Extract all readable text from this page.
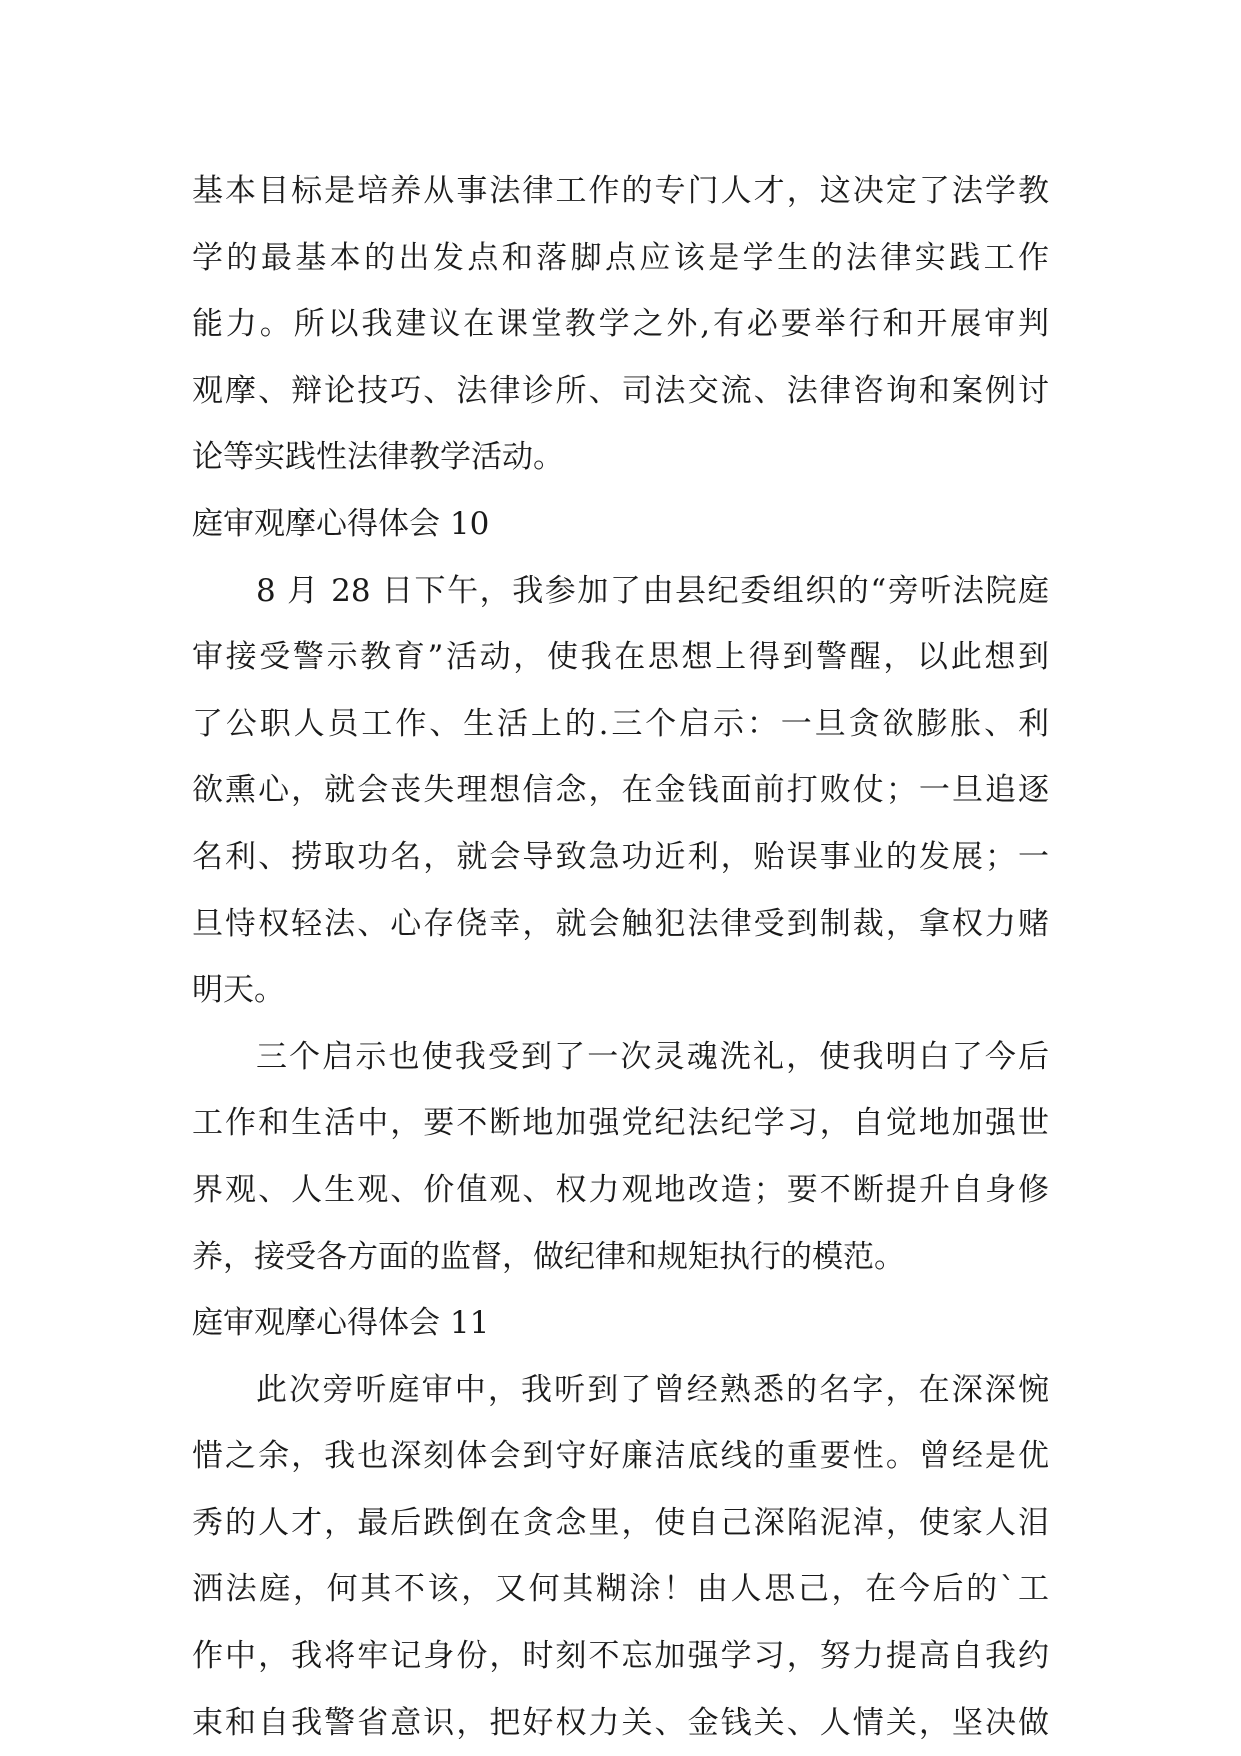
基本目标是培养从事法律工作的专门人才，这决定了法学教
学的最基本的出发点和落脚点应该是学生的法律实践工作
能力。所以我建议在课堂教学之外,有必要举行和开展审判
观摩、辩论技巧、法律诊所、司法交流、法律咨询和案例讨
论等实践性法律教学活动。
庭审观摩心得体会 10
8 月 28 日下午，我参加了由县纪委组织的“旁听法院庭
审接受警示教育”活动，使我在思想上得到警醒，以此想到
了公职人员工作、生活上的.三个启示：一旦贪欲膨胀、利
欲熏心，就会丧失理想信念，在金钱面前打败仗；一旦追逐
名利、捞取功名，就会导致急功近利，贻误事业的发展；一
旦恃权轻法、心存侥幸，就会触犯法律受到制裁，拿权力赌
明天。
三个启示也使我受到了一次灵魂洗礼，使我明白了今后
工作和生活中，要不断地加强党纪法纪学习，自觉地加强世
界观、人生观、价值观、权力观地改造；要不断提升自身修
养，接受各方面的监督，做纪律和规矩执行的模范。
庭审观摩心得体会 11
此次旁听庭审中，我听到了曾经熟悉的名字，在深深惋
惜之余，我也深刻体会到守好廉洁底线的重要性。曾经是优
秀的人才，最后跌倒在贪念里，使自己深陷泥淖，使家人泪
洒法庭，何其不该，又何其糊涂！由人思己，在今后的`工
作中，我将牢记身份，时刻不忘加强学习，努力提高自我约
束和自我警省意识，把好权力关、金钱关、人情关，坚决做
